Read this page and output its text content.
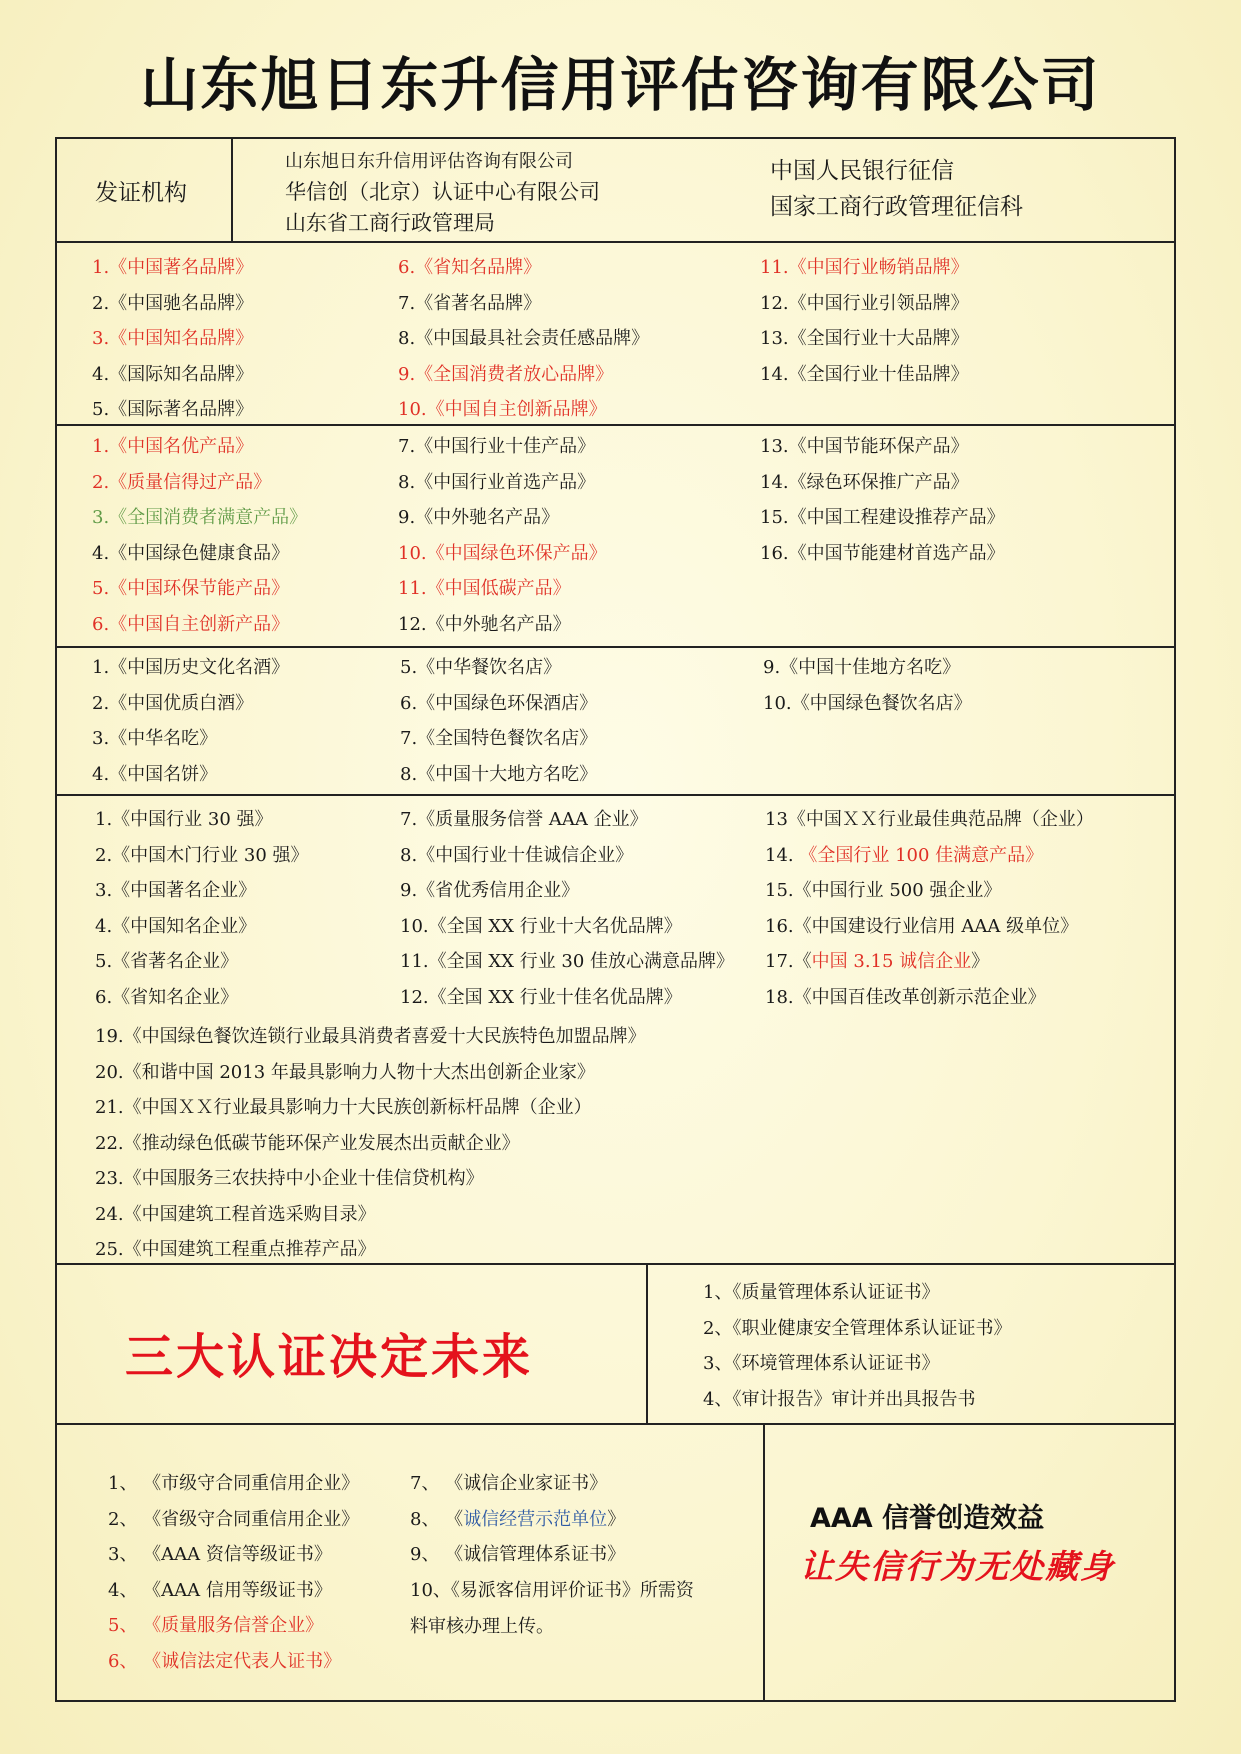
山东旭日东升信用评估咨询有限公司
发证机构
山东旭日东升信用评估咨询有限公司
华信创（北京）认证中心有限公司
山东省工商行政管理局
中国人民银行征信
国家工商行政管理征信科
1.《中国著名品牌》
2.《中国驰名品牌》
3.《中国知名品牌》
4.《国际知名品牌》
5.《国际著名品牌》
6.《省知名品牌》
7.《省著名品牌》
8.《中国最具社会责任感品牌》
9.《全国消费者放心品牌》
10.《中国自主创新品牌》
11.《中国行业畅销品牌》
12.《中国行业引领品牌》
13.《全国行业十大品牌》
14.《全国行业十佳品牌》
1.《中国名优产品》
2.《质量信得过产品》
3.《全国消费者满意产品》
4.《中国绿色健康食品》
5.《中国环保节能产品》
6.《中国自主创新产品》
7.《中国行业十佳产品》
8.《中国行业首选产品》
9.《中外驰名产品》
10.《中国绿色环保产品》
11.《中国低碳产品》
12.《中外驰名产品》
13.《中国节能环保产品》
14.《绿色环保推广产品》
15.《中国工程建设推荐产品》
16.《中国节能建材首选产品》
1.《中国历史文化名酒》
2.《中国优质白酒》
3.《中华名吃》
4.《中国名饼》
5.《中华餐饮名店》
6.《中国绿色环保酒店》
7.《全国特色餐饮名店》
8.《中国十大地方名吃》
9.《中国十佳地方名吃》
10.《中国绿色餐饮名店》
1.《中国行业 30 强》
2.《中国木门行业 30 强》
3.《中国著名企业》
4.《中国知名企业》
5.《省著名企业》
6.《省知名企业》
7.《质量服务信誉 AAA 企业》
8.《中国行业十佳诚信企业》
9.《省优秀信用企业》
10.《全国 XX 行业十大名优品牌》
11.《全国 XX 行业 30 佳放心满意品牌》
12.《全国 XX 行业十佳名优品牌》
13《中国ＸＸ行业最佳典范品牌（企业）
14. 《全国行业 100 佳满意产品》
15.《中国行业 500 强企业》
16.《中国建设行业信用 AAA 级单位》
17.《中国 3.15 诚信企业》
18.《中国百佳改革创新示范企业》
19.《中国绿色餐饮连锁行业最具消费者喜爱十大民族特色加盟品牌》
20.《和谐中国 2013 年最具影响力人物十大杰出创新企业家》
21.《中国ＸＸ行业最具影响力十大民族创新标杆品牌（企业）
22.《推动绿色低碳节能环保产业发展杰出贡献企业》
23.《中国服务三农扶持中小企业十佳信贷机构》
24.《中国建筑工程首选采购目录》
25.《中国建筑工程重点推荐产品》
三大认证决定未来
1、《质量管理体系认证证书》
2、《职业健康安全管理体系认证证书》
3、《环境管理体系认证证书》
4、《审计报告》审计并出具报告书
1、 《市级守合同重信用企业》
2、 《省级守合同重信用企业》
3、 《AAA 资信等级证书》
4、 《AAA 信用等级证书》
5、 《质量服务信誉企业》
6、 《诚信法定代表人证书》
7、 《诚信企业家证书》
8、 《诚信经营示范单位》
9、 《诚信管理体系证书》
10、《易派客信用评价证书》所需资
料审核办理上传。
AAA 信誉创造效益
让失信行为无处藏身
